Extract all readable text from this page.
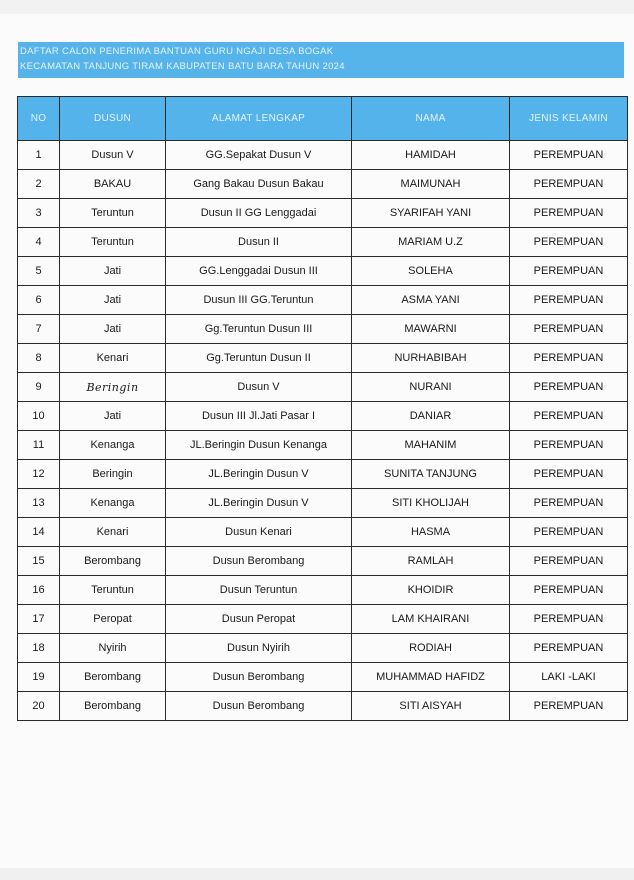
DAFTAR CALON PENERIMA BANTUAN GURU NGAJI DESA BOGAK
KECAMATAN TANJUNG TIRAM KABUPATEN BATU BARA TAHUN 2024
NO	DUSUN	ALAMAT LENGKAP	NAMA	JENIS KELAMIN
1	Dusun V	GG.Sepakat Dusun V	HAMIDAH	PEREMPUAN
2	BAKAU	Gang Bakau Dusun Bakau	MAIMUNAH	PEREMPUAN
3	Teruntun	Dusun II GG Lenggadai	SYARIFAH YANI	PEREMPUAN
4	Teruntun	Dusun II	MARIAM U.Z	PEREMPUAN
5	Jati	GG.Lenggadai Dusun III	SOLEHA	PEREMPUAN
6	Jati	Dusun III GG.Teruntun	ASMA YANI	PEREMPUAN
7	Jati	Gg.Teruntun Dusun III	MAWARNI	PEREMPUAN
8	Kenari	Gg.Teruntun Dusun II	NURHABIBAH	PEREMPUAN
9	Beringin	Dusun V	NURANI	PEREMPUAN
10	Jati	Dusun III Jl.Jati Pasar I	DANIAR	PEREMPUAN
11	Kenanga	JL.Beringin Dusun Kenanga	MAHANIM	PEREMPUAN
12	Beringin	JL.Beringin Dusun V	SUNITA TANJUNG	PEREMPUAN
13	Kenanga	JL.Beringin Dusun V	SITI KHOLIJAH	PEREMPUAN
14	Kenari	Dusun Kenari	HASMA	PEREMPUAN
15	Berombang	Dusun Berombang	RAMLAH	PEREMPUAN
16	Teruntun	Dusun Teruntun	KHOIDIR	PEREMPUAN
17	Peropat	Dusun Peropat	LAM KHAIRANI	PEREMPUAN
18	Nyirih	Dusun Nyirih	RODIAH	PEREMPUAN
19	Berombang	Dusun Berombang	MUHAMMAD HAFIDZ	LAKI -LAKI
20	Berombang	Dusun Berombang	SITI AISYAH	PEREMPUAN
